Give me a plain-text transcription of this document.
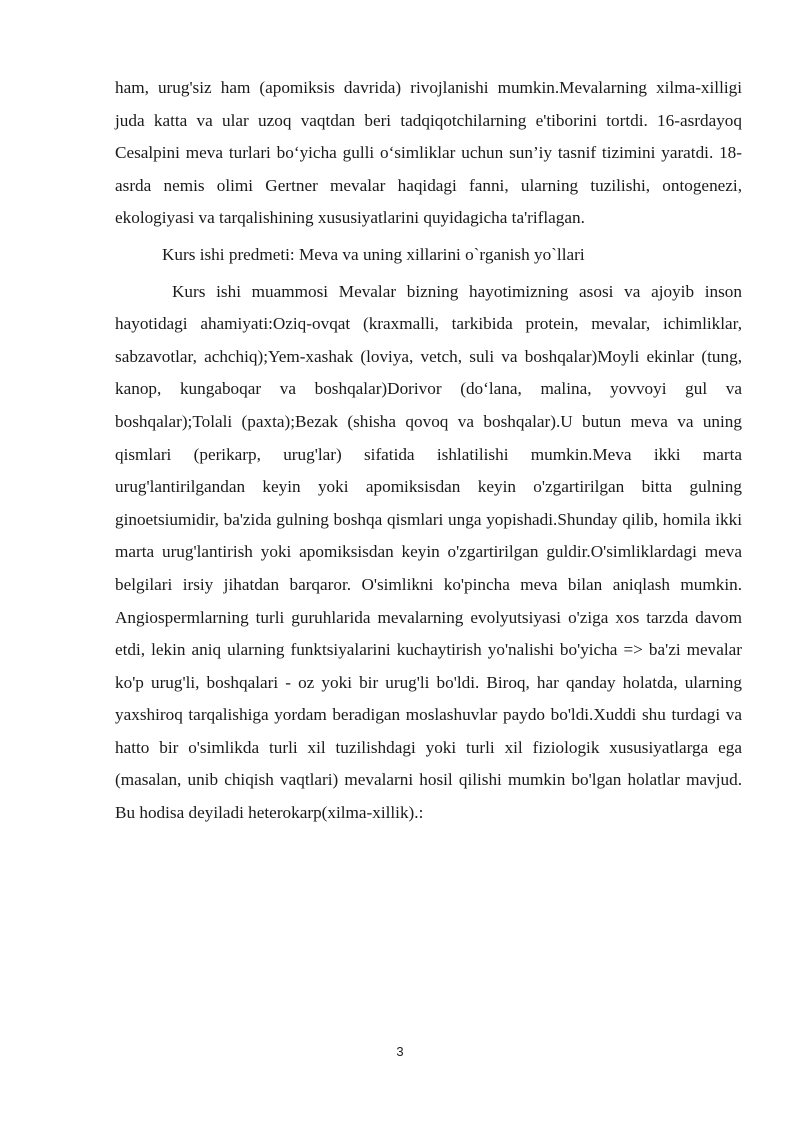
ham, urug'siz ham (apomiksis davrida) rivojlanishi mumkin.Mevalarning xilma-xilligi juda katta va ular uzoq vaqtdan beri tadqiqotchilarning e'tiborini tortdi. 16-asrdayoq Cesalpini meva turlari bo‘yicha gulli o‘simliklar uchun sun’iy tasnif tizimini yaratdi. 18-asrda nemis olimi Gertner mevalar haqidagi fanni, ularning tuzilishi, ontogenezi, ekologiyasi va tarqalishining xususiyatlarini quyidagicha ta'riflagan.

Kurs ishi predmeti: Meva va uning xillarini o`rganish yo`llari

Kurs ishi muammosi Mevalar bizning hayotimizning asosi va ajoyib inson hayotidagi ahamiyati:Oziq-ovqat (kraxmalli, tarkibida protein, mevalar, ichimliklar, sabzavotlar, achchiq);Yem-xashak (loviya, vetch, suli va boshqalar)Moyli ekinlar (tung, kanop, kungaboqar va boshqalar)Dorivor (do‘lana, malina, yovvoyi gul va boshqalar);Tolali (paxta);Bezak (shisha qovoq va boshqalar).U butun meva va uning qismlari (perikarp, urug'lar) sifatida ishlatilishi mumkin.Meva ikki marta urug'lantirilgandan keyin yoki apomiksisdan keyin o'zgartirilgan bitta gulning ginoetsiumidir, ba'zida gulning boshqa qismlari unga yopishadi.Shunday qilib, homila ikki marta urug'lantirish yoki apomiksisdan keyin o'zgartirilgan guldir.O'simliklardagi meva belgilari irsiy jihatdan barqaror. O'simlikni ko'pincha meva bilan aniqlash mumkin. Angiospermlarning turli guruhlarida mevalarning evolyutsiyasi o'ziga xos tarzda davom etdi, lekin aniq ularning funktsiyalarini kuchaytirish yo'nalishi bo'yicha => ba'zi mevalar ko'p urug'li, boshqalari - oz yoki bir urug'li bo'ldi. Biroq, har qanday holatda, ularning yaxshiroq tarqalishiga yordam beradigan moslashuvlar paydo bo'ldi.Xuddi shu turdagi va hatto bir o'simlikda turli xil tuzilishdagi yoki turli xil fiziologik xususiyatlarga ega (masalan, unib chiqish vaqtlari) mevalarni hosil qilishi mumkin bo'lgan holatlar mavjud. Bu hodisa deyiladi heterokarp(xilma-xillik).:

3
